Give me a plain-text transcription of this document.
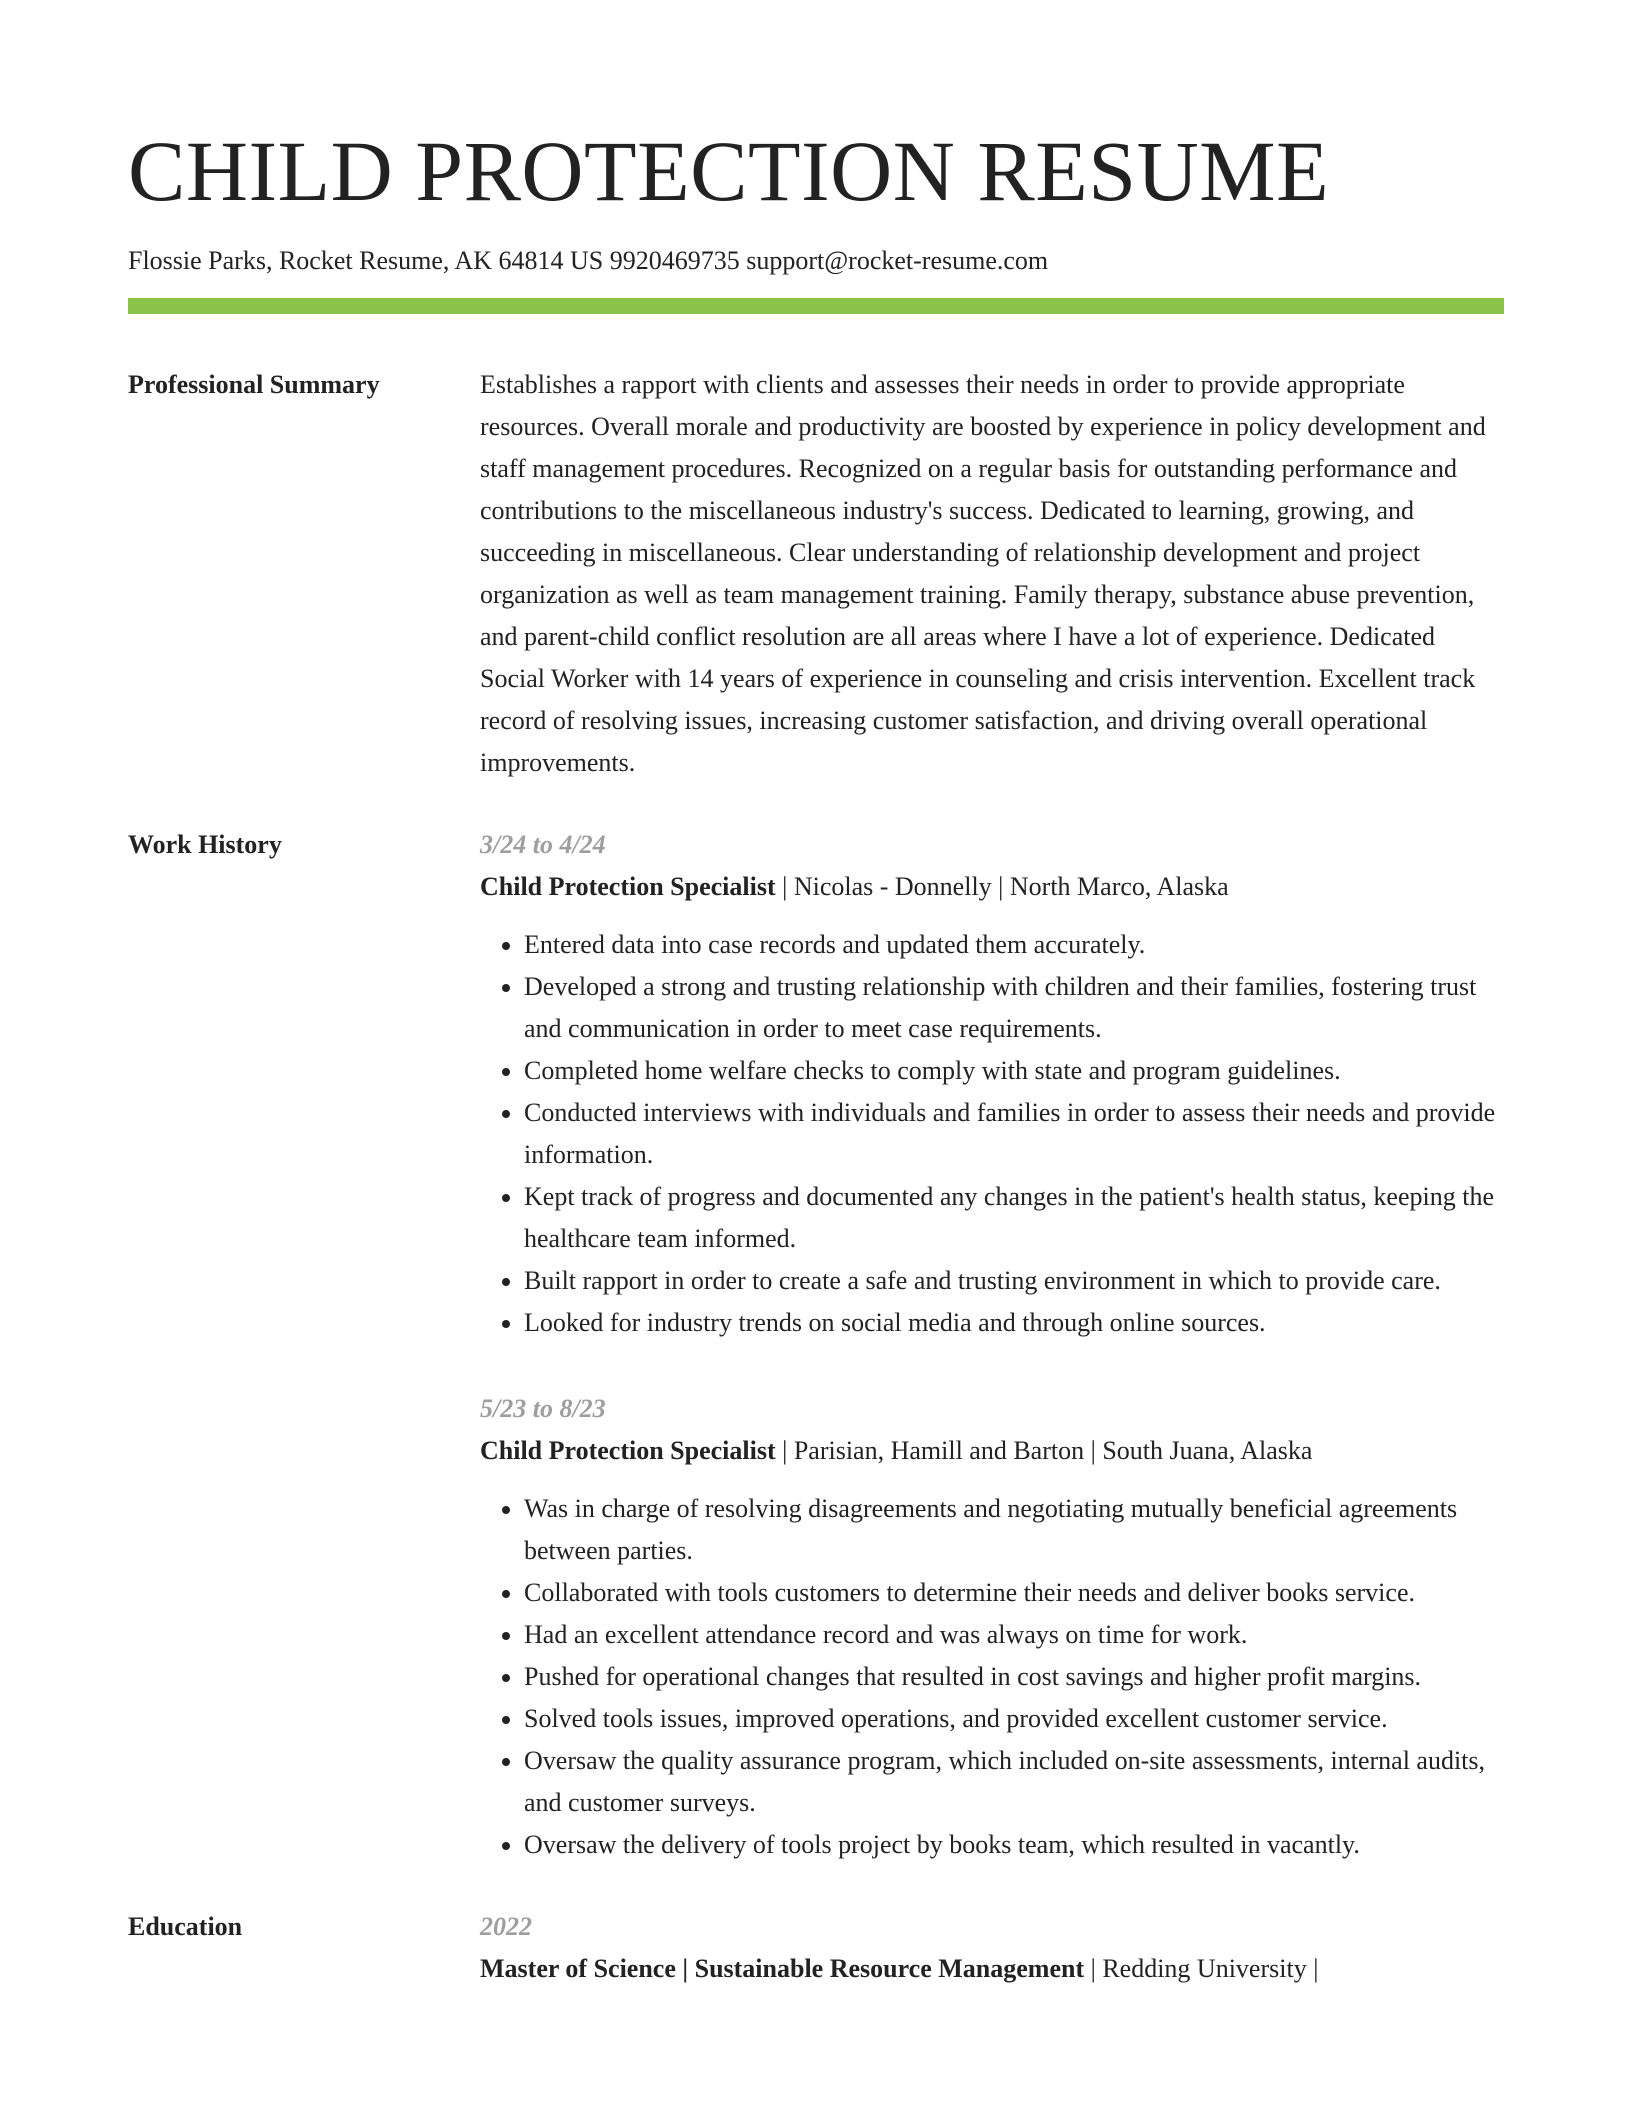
CHILD PROTECTION RESUME
Flossie Parks, Rocket Resume, AK 64814 US 9920469735 support@rocket-resume.com
Professional Summary	Establishes a rapport with clients and assesses their needs in order to provide appropriate resources. Overall morale and productivity are boosted by experience in policy development and staff management procedures. Recognized on a regular basis for outstanding performance and contributions to the miscellaneous industry's success. Dedicated to learning, growing, and succeeding in miscellaneous. Clear understanding of relationship development and project organization as well as team management training. Family therapy, substance abuse prevention, and parent-child conflict resolution are all areas where I have a lot of experience. Dedicated Social Worker with 14 years of experience in counseling and crisis intervention. Excellent track record of resolving issues, increasing customer satisfaction, and driving overall operational improvements.

Work History	3/24 to 4/24
Child Protection Specialist | Nicolas - Donnelly | North Marco, Alaska
• Entered data into case records and updated them accurately.
• Developed a strong and trusting relationship with children and their families, fostering trust and communication in order to meet case requirements.
• Completed home welfare checks to comply with state and program guidelines.
• Conducted interviews with individuals and families in order to assess their needs and provide information.
• Kept track of progress and documented any changes in the patient's health status, keeping the healthcare team informed.
• Built rapport in order to create a safe and trusting environment in which to provide care.
• Looked for industry trends on social media and through online sources.
5/23 to 8/23
Child Protection Specialist | Parisian, Hamill and Barton | South Juana, Alaska
• Was in charge of resolving disagreements and negotiating mutually beneficial agreements between parties.
• Collaborated with tools customers to determine their needs and deliver books service.
• Had an excellent attendance record and was always on time for work.
• Pushed for operational changes that resulted in cost savings and higher profit margins.
• Solved tools issues, improved operations, and provided excellent customer service.
• Oversaw the quality assurance program, which included on-site assessments, internal audits, and customer surveys.
• Oversaw the delivery of tools project by books team, which resulted in vacantly.
Education	2022
Master of Science | Sustainable Resource Management | Redding University |
